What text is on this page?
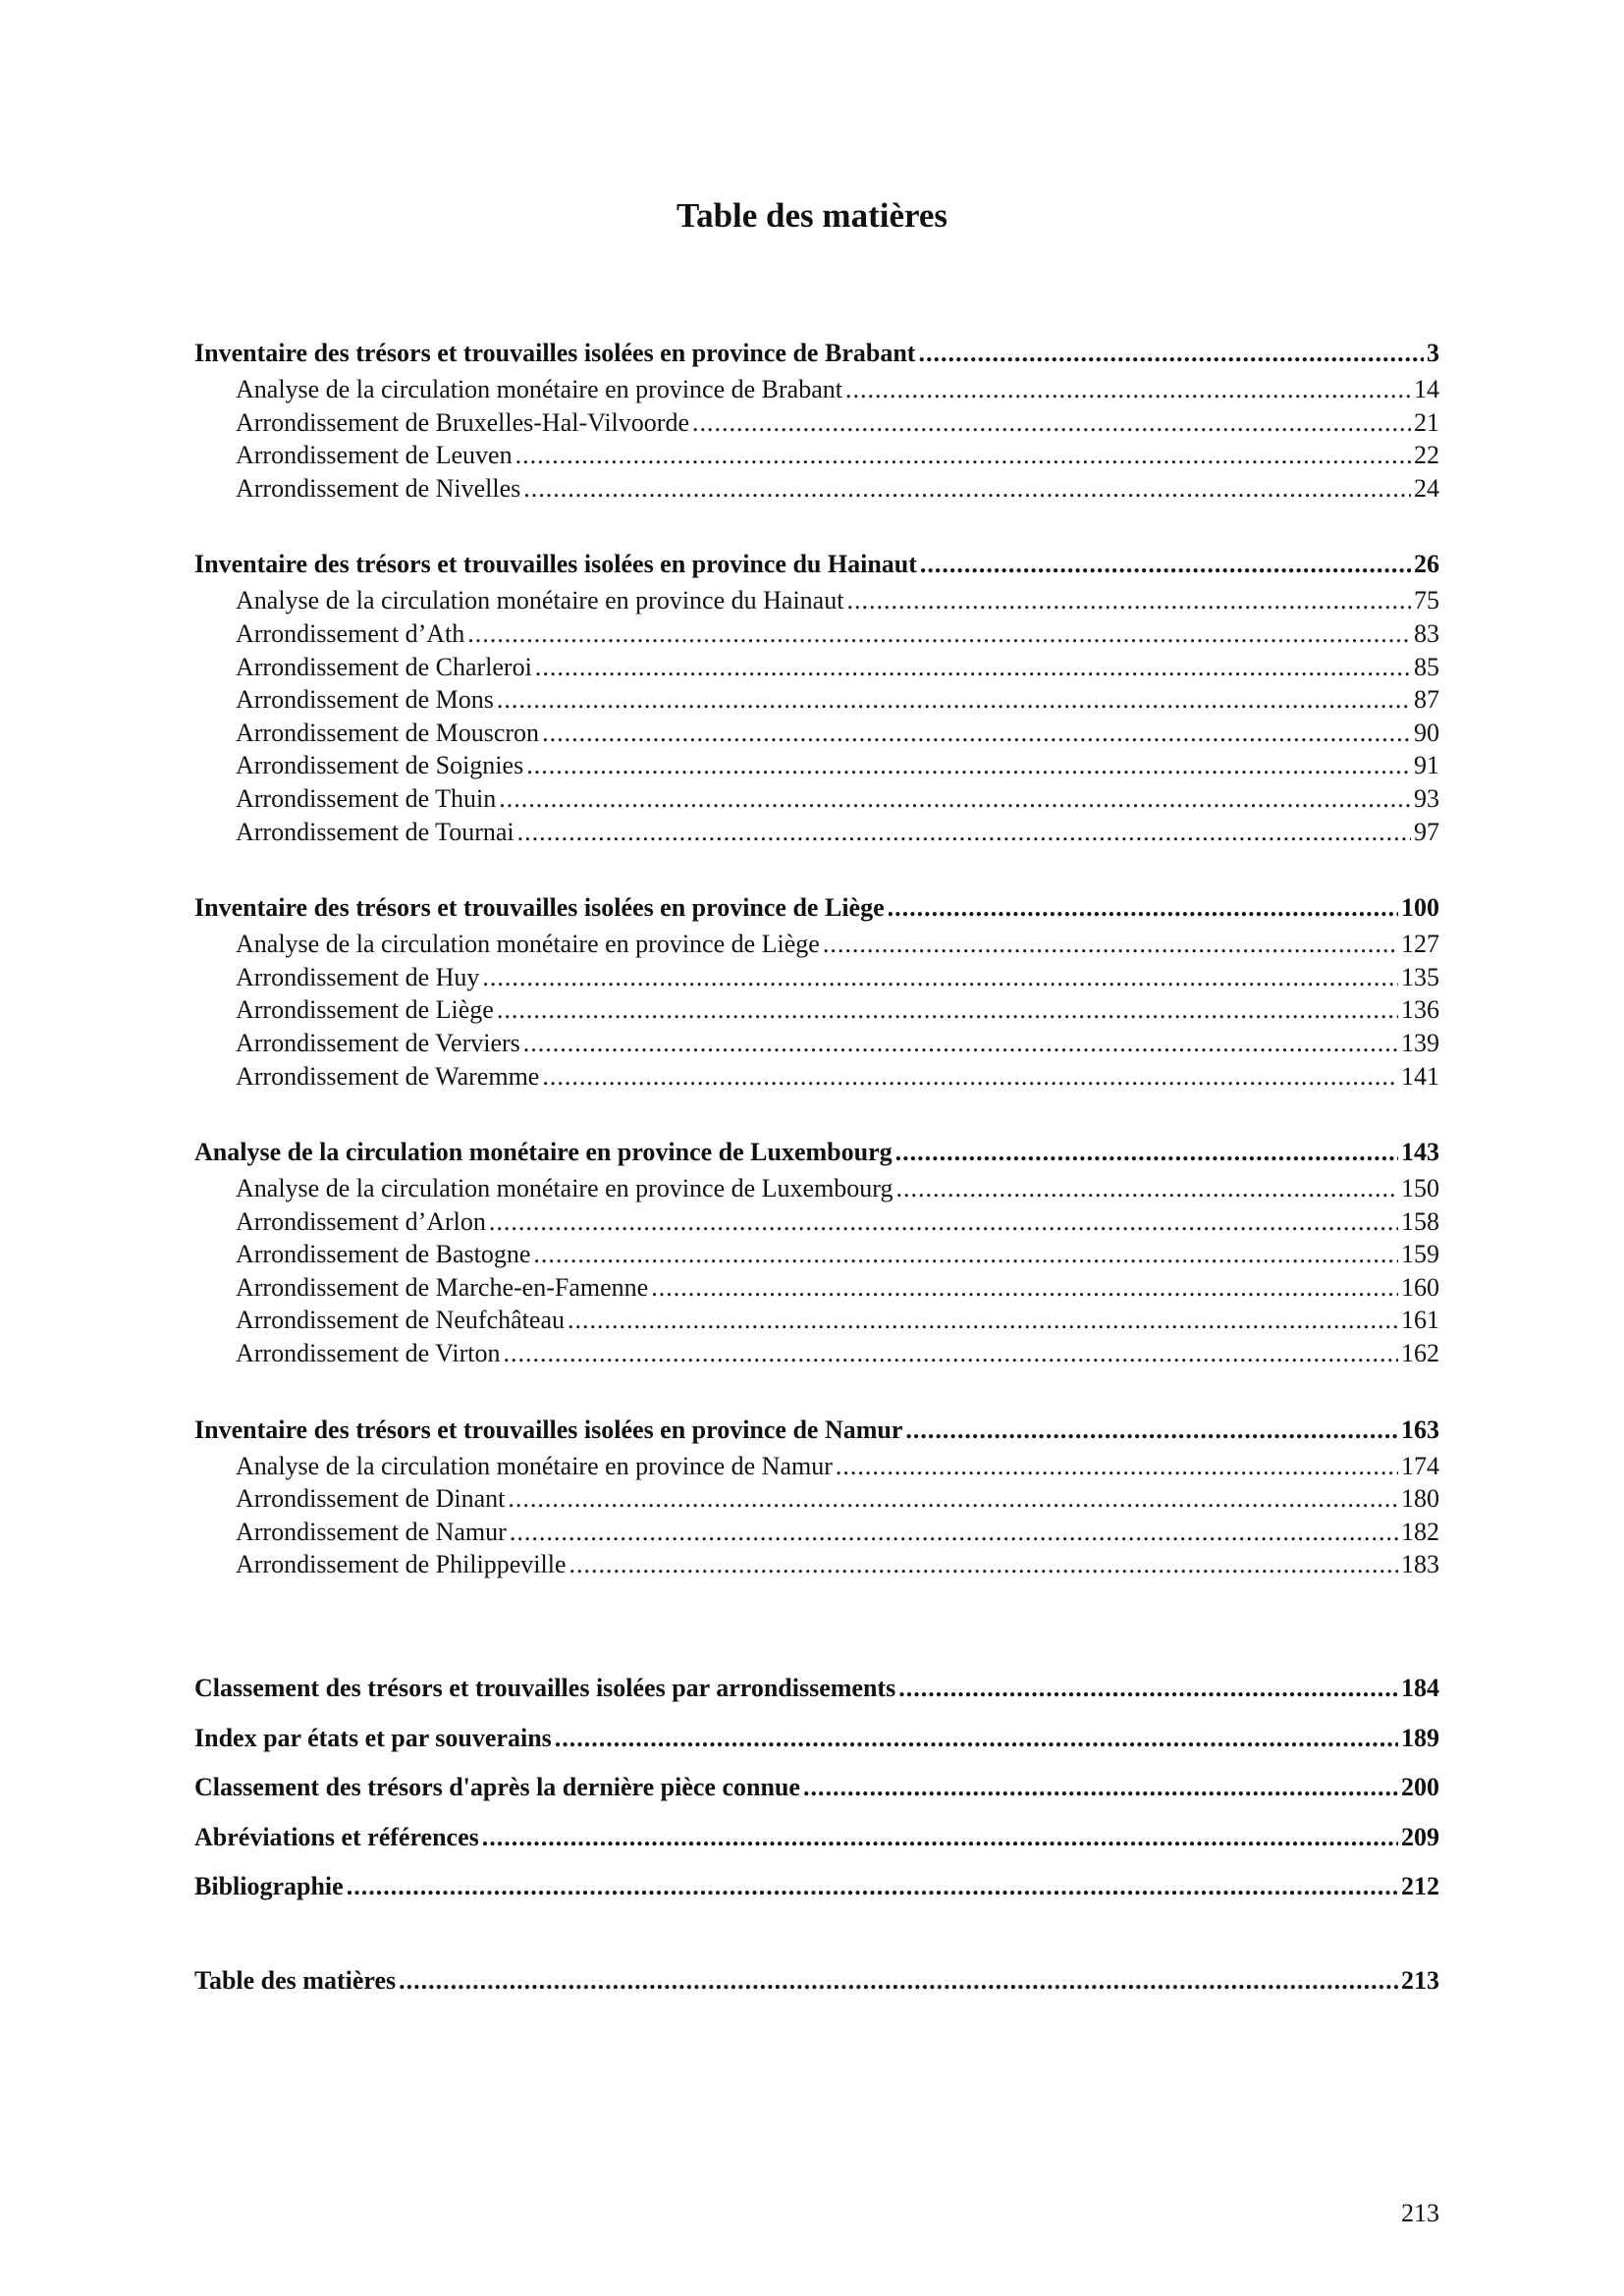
Table des matières
Inventaire des trésors et trouvailles isolées en province de Brabant .....	3
Analyse de la circulation monétaire en province de Brabant .....	14
Arrondissement de Bruxelles-Hal-Vilvoorde .....	21
Arrondissement de Leuven .....	22
Arrondissement de Nivelles .....	24
Inventaire des trésors et trouvailles isolées en province du Hainaut .....	26
Analyse de la circulation monétaire en province du Hainaut .....	75
Arrondissement d’Ath .....	83
Arrondissement de Charleroi .....	85
Arrondissement de Mons .....	87
Arrondissement de Mouscron .....	90
Arrondissement de Soignies .....	91
Arrondissement de Thuin .....	93
Arrondissement de Tournai .....	97
Inventaire des trésors et trouvailles isolées en province de Liège .....	100
Analyse de la circulation monétaire en province de Liège .....	127
Arrondissement de Huy .....	135
Arrondissement de Liège .....	136
Arrondissement de Verviers .....	139
Arrondissement de Waremme .....	141
Analyse de la circulation monétaire en province de Luxembourg .....	143
Analyse de la circulation monétaire en province de Luxembourg .....	150
Arrondissement d’Arlon .....	158
Arrondissement de Bastogne .....	159
Arrondissement de Marche-en-Famenne .....	160
Arrondissement de Neufchâteau .....	161
Arrondissement de Virton .....	162
Inventaire des trésors et trouvailles isolées en province de Namur .....	163
Analyse de la circulation monétaire en province de Namur .....	174
Arrondissement de Dinant .....	180
Arrondissement de Namur .....	182
Arrondissement de Philippeville .....	183
Classement des trésors et trouvailles isolées par arrondissements .....	184
Index par états et par souverains .....	189
Classement des trésors d'après la dernière pièce connue .....	200
Abréviations et références .....	209
Bibliographie .....	212
Table des matières .....	213
213
